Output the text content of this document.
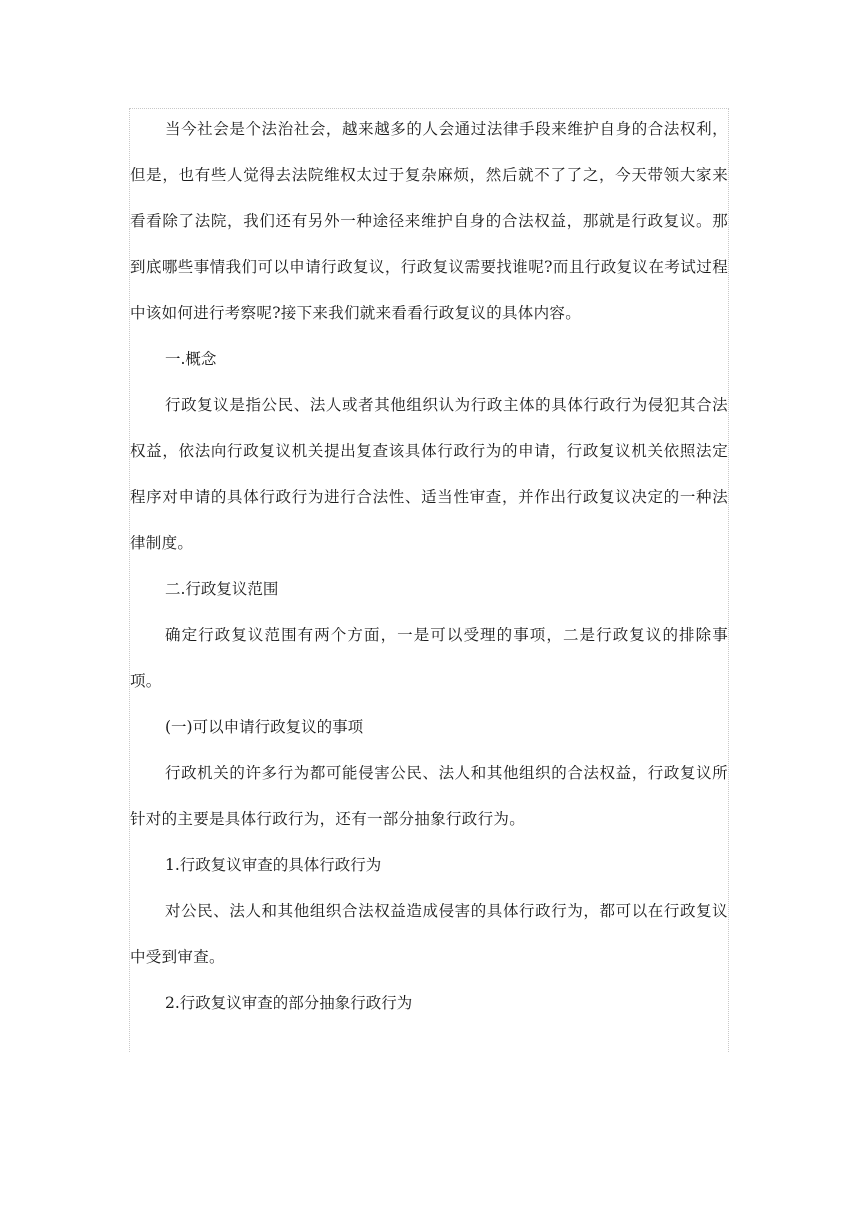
当今社会是个法治社会，越来越多的人会通过法律手段来维护自身的合法权利，但是，也有些人觉得去法院维权太过于复杂麻烦，然后就不了了之，今天带领大家来看看除了法院，我们还有另外一种途径来维护自身的合法权益，那就是行政复议。那到底哪些事情我们可以申请行政复议，行政复议需要找谁呢?而且行政复议在考试过程中该如何进行考察呢?接下来我们就来看看行政复议的具体内容。

一.概念

行政复议是指公民、法人或者其他组织认为行政主体的具体行政行为侵犯其合法权益，依法向行政复议机关提出复查该具体行政行为的申请，行政复议机关依照法定程序对申请的具体行政行为进行合法性、适当性审查，并作出行政复议决定的一种法律制度。

二.行政复议范围

确定行政复议范围有两个方面，一是可以受理的事项，二是行政复议的排除事项。

(一)可以申请行政复议的事项

行政机关的许多行为都可能侵害公民、法人和其他组织的合法权益，行政复议所针对的主要是具体行政行为，还有一部分抽象行政行为。

1.行政复议审查的具体行政行为

对公民、法人和其他组织合法权益造成侵害的具体行政行为，都可以在行政复议中受到审查。

2.行政复议审查的部分抽象行政行为
